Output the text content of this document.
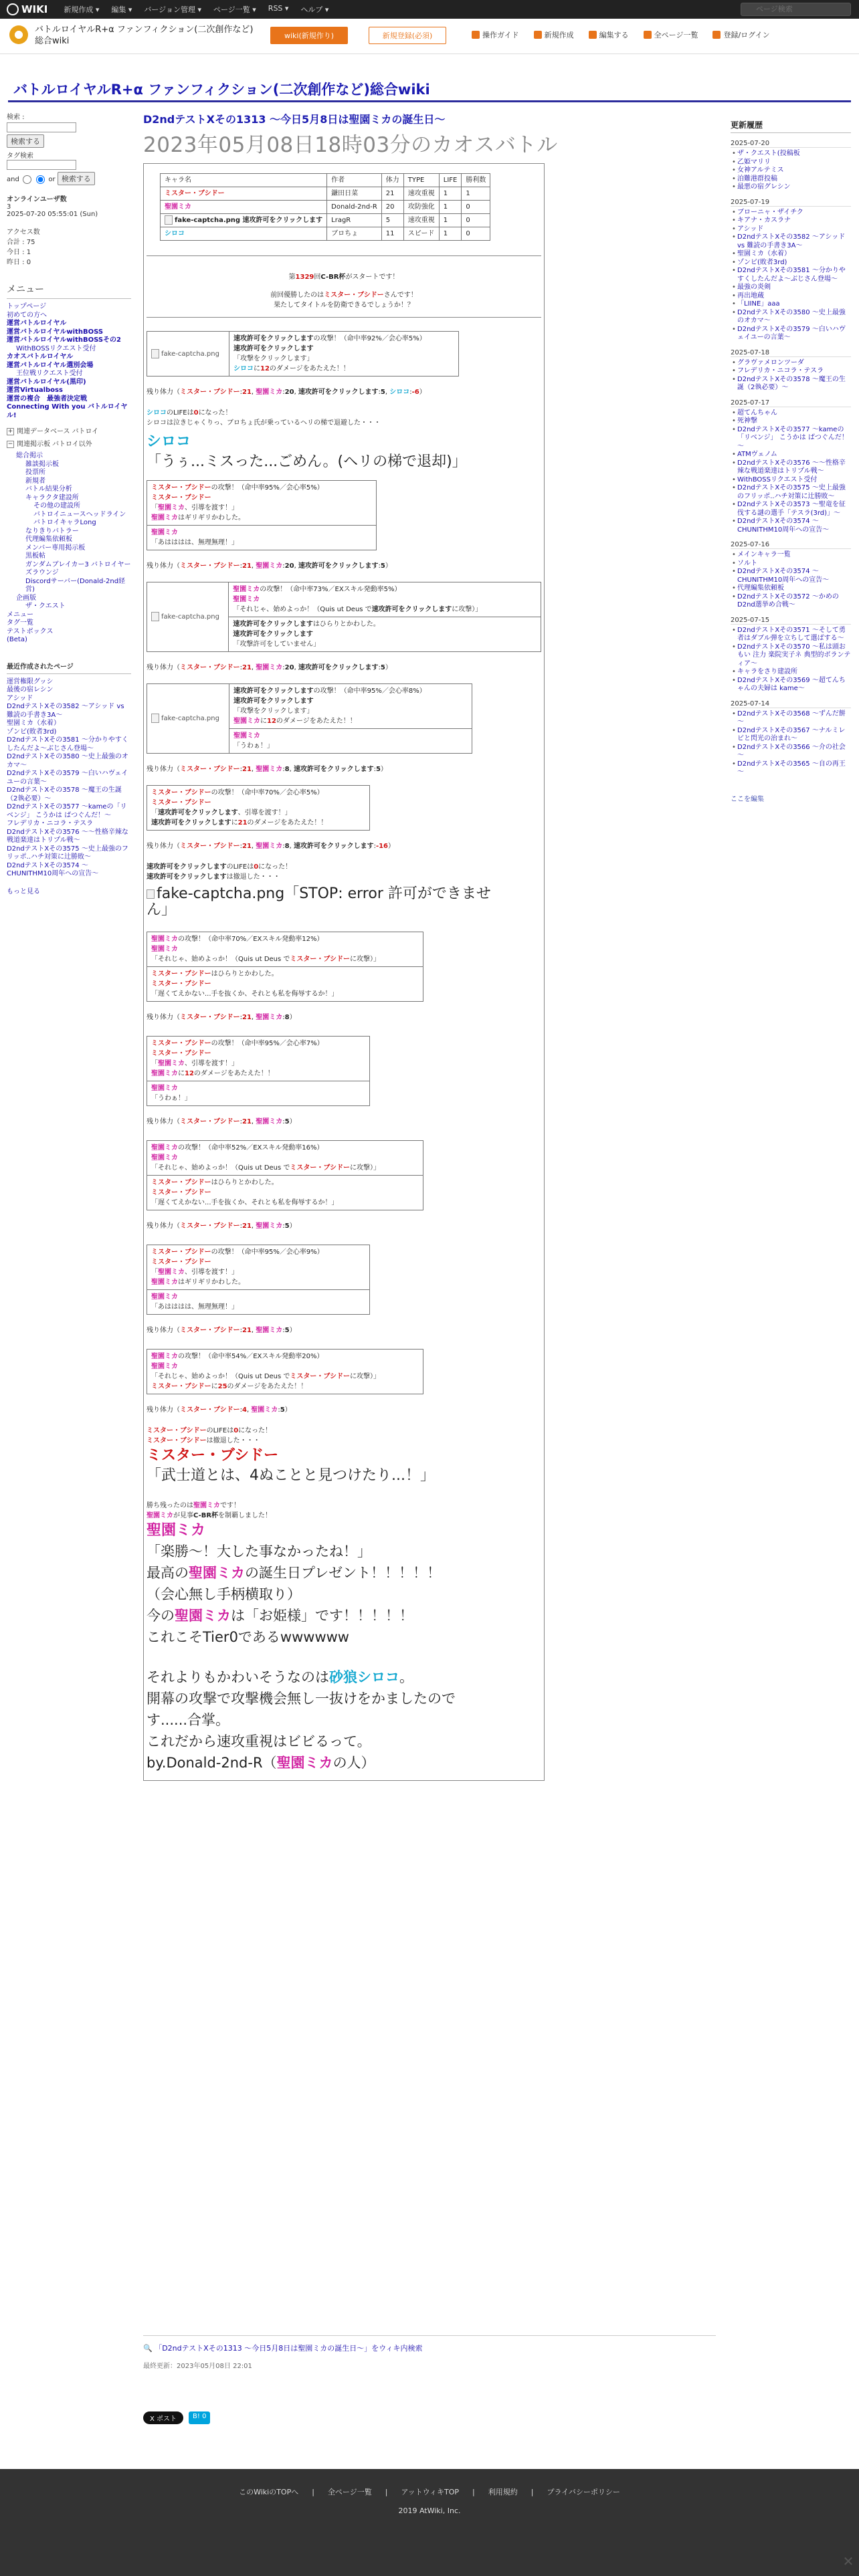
WIKI 新規作成 ▾ 編集 ▾ バージョン管理 ▾ ページ一覧 ▾ RSS ▾ ヘルプ ▾
ページ検索
バトルロイヤルR+α ファンフィクション(二次創作など)総合wiki
wiki(新規作り)	新規登録(必須)	操作ガイド	新規作成	編集する	全ページ一覧	登録/ログイン
バトルロイヤルR+α ファンフィクション(二次創作など)総合wiki
検索 :
検索する
タグ検索
and	or 検索する
オンラインユーザ数
3
2025-07-20 05:55:01 (Sun)
アクセス数
合計 : 75
今日 : 1
昨日 : 0
メニュー
トップページ
初めての方へ
運営バトルロイヤル
運営バトルロイヤルwithBOSS
運営バトルロイヤルwithBOSSその2
WithBOSSリクエスト受付
カオスバトルロイヤル
運営バトルロイヤル選別会場
王位戦リクエスト受付
運営バトルロイヤル(黒印)
運営Virtualboss
運営の複合　最強者決定戦
Connecting With you バトルロイヤル!
+ 関連データベース バトロイ
− 関連掲示板 バトロイ以外
総合掲示
雑談掲示板
投票所
新規者
バトル結果分析
キャラクタ建設所
その他の建設所
バトロイニュースヘッドライン
バトロイキャラLong
なりきりバトラー
代理編集依頼板
メンバー専用掲示板
黒板帖
ガンダムブレイカー3 バトロイヤーズラウンジ
Discordサーバー(Donald-2nd経営)
企画版
ザ・クエスト
メニュー
タグ一覧
テストボックス
(Beta)
最近作成されたページ
運営権限グッシ
最後の宿レシン
アシッド
D2ndテストXその3582 ～アシッド vs 難読の手書き3A～
聖園ミカ（水着）
ゾンビ(敗者3rd)
D2ndテストXその3581 ～分かりやすくしたんだよ～ぶじさん登場～
D2ndテストXその3580 ～史上最強のオカマ～
D2ndテストXその3579 ～白いハヴェイユーの言葉～
D2ndテストXその3578 ～魔王の生誕（2執必要）～
D2ndテストXその3577 ～kameの「リベンジ」 こうかは ばつぐんだ！～
フレデリカ・ニコラ・テスラ
D2ndテストXその3576 ～～性格辛辣な戦道楽達はトリプル戦～
D2ndテストXその3575 ～史上最強のフリッポ..ハチ対策に辻勝敗～
D2ndテストXその3574 ～ CHUNITHM10周年への宣告～
もっと見る
D2ndテストXその1313 ～今日5月8日は聖園ミカの誕生日～
2023年05月08日18時03分のカオスバトル
キャラ名	作者	体力	TYPE	LIFE	勝利数
ミスター・ブシドー	鎌田日菜	21	速攻重視	1	1
聖園ミカ	Donald-2nd-R	20	攻防強化	1	0
fake-captcha.png 速攻許可をクリックします	LragR	5	速攻重視	1	0
シロコ	ブロちょ	11	スピード	1	0
第1329回C-BR杯がスタートです！
前回優勝したのはミスター・ブシドーさんです！
果たしてタイトルを防衛できるでしょうか！？
fake-captcha.png	
速攻許可をクリックしますの攻撃！（命中率92%／会心率5%）
速攻許可をクリックします
「攻撃をクリックします」
シロコに12のダメージをあたえた！！
残り体力（ミスター・ブシドー:21, 聖園ミカ:20, 速攻許可をクリックします:5, シロコ:-6）
シロコのLIFEは0になった！
シロコは泣きじゃくりっ、ブロちょ氏が乗っているヘリの梯で退避した・・・
シロコ
「うぅ...ミスった...ごめん。(ヘリの梯で退却)」
ミスター・ブシドーの攻撃！（命中率95%／会心率5%）
ミスター・ブシドー
「聖園ミカ、引導を渡す！」
聖園ミカはギリギリかわした。

聖園ミカ
「あはははは、無理無理！」
残り体力（ミスター・ブシドー:21, 聖園ミカ:20, 速攻許可をクリックします:5）
fake-captcha.png	
聖園ミカの攻撃！（命中率73%／EXスキル発動率5%）
聖園ミカ
「それじゃ、始めよっか！（Quis ut Deus で速攻許可をクリックしますに攻撃）」

速攻許可をクリックしますはひらりとかわした。
速攻許可をクリックします
「攻撃許可をしていません」
残り体力（ミスター・ブシドー:21, 聖園ミカ:20, 速攻許可をクリックします:5）
fake-captcha.png	
速攻許可をクリックしますの攻撃！（命中率95%／会心率8%）
速攻許可をクリックします
「攻撃をクリックします」
聖園ミカに12のダメージをあたえた！！

聖園ミカ
「うわぁ！」
残り体力（ミスター・ブシドー:21, 聖園ミカ:8, 速攻許可をクリックします:5）
ミスター・ブシドーの攻撃！（命中率70%／会心率5%）
ミスター・ブシドー
「速攻許可をクリックします、引導を渡す！」
速攻許可をクリックしますに21のダメージをあたえた！！
残り体力（ミスター・ブシドー:21, 聖園ミカ:8, 速攻許可をクリックします:-16）
速攻許可をクリックしますのLIFEは0になった！
速攻許可をクリックしますは撤退した・・・
fake-captcha.png「STOP: error 許可ができませ
ん」
聖園ミカの攻撃！（命中率70%／EXスキル発動率12%）
聖園ミカ
「それじゃ、始めよっか！（Quis ut Deus でミスター・ブシドーに攻撃）」

ミスター・ブシドーはひらりとかわした。
ミスター・ブシドー
「遅くてえかない...手を抜くか、それとも私を侮辱するか！」
残り体力（ミスター・ブシドー:21, 聖園ミカ:8）
ミスター・ブシドーの攻撃！（命中率95%／会心率7%）
ミスター・ブシドー
「聖園ミカ、引導を渡す！」
聖園ミカに12のダメージをあたえた！！

聖園ミカ
「うわぁ！」
残り体力（ミスター・ブシドー:21, 聖園ミカ:5）
聖園ミカの攻撃！（命中率52%／EXスキル発動率16%）
聖園ミカ
「それじゃ、始めよっか！（Quis ut Deus でミスター・ブシドーに攻撃）」

ミスター・ブシドーはひらりとかわした。
ミスター・ブシドー
「遅くてえかない...手を抜くか、それとも私を侮辱するか！」
残り体力（ミスター・ブシドー:21, 聖園ミカ:5）
ミスター・ブシドーの攻撃！（命中率95%／会心率9%）
ミスター・ブシドー
「聖園ミカ、引導を渡す！」
聖園ミカはギリギリかわした。

聖園ミカ
「あはははは、無理無理！」
残り体力（ミスター・ブシドー:21, 聖園ミカ:5）
聖園ミカの攻撃！（命中率54%／EXスキル発動率20%）
聖園ミカ
「それじゃ、始めよっか！（Quis ut Deus でミスター・ブシドーに攻撃）」
ミスター・ブシドーに25のダメージをあたえた！！
残り体力（ミスター・ブシドー:4, 聖園ミカ:5）
ミスター・ブシドーのLIFEは0になった！
ミスター・ブシドーは撤退した・・・
ミスター・ブシドー
「武士道とは、4ぬことと見つけたり...！」
勝ち残ったのは聖園ミカです！
聖園ミカが見事C-BR杯を制覇しました！
聖園ミカ
「楽勝～！大した事なかったね！」
最高の聖園ミカの誕生日プレゼント！！！！！
（会心無し手柄横取り）
今の聖園ミカは「お姫様」です！！！！！
これこそTier0であるwwwwww
それよりもかわいそうなのは砂狼シロコ。
開幕の攻撃で攻撃機会無し一抜けをかましたので
す......合掌。
これだから速攻重視はビビるって。
by.Donald-2nd-R（聖園ミカの人）
更新履歴
2025-07-20
• ザ・クエスト(投稿板
• 乙姫マリリ
• 女神アルテミス
• 泊難港群投稿
• 最悪の宿グレシン
2025-07-19
• ブローニャ・ザイチク
• キアナ・カスラナ
• アシッド
• D2ndテストXその3582 ～アシッド vs 難読の手書き3A～
• 聖園ミカ（水着）
• ゾンビ(敗者3rd)
• D2ndテストXその3581 ～分かりやすくしたんだよ～ぶじさん登場～
• 最強の炎剣
• 再出地蔵
• 「LIINE」aaa
• D2ndテストXその3580 ～史上最強のオカマ～
• D2ndテストXその3579 ～白いハヴェイユーの言葉～
2025-07-18
• グラヴァメロンツーダ
• フレデリカ・ニコラ・テスラ
• D2ndテストXその3578 ～魔王の生誕（2執必要）～
2025-07-17
• 超てんちゃん
• 死神撃
• D2ndテストXその3577 ～kameの「リベンジ」 こうかは ばつぐんだ！～
• ATMヴェノム
• D2ndテストXその3576 ～～性格辛辣な戦道楽達はトリプル戦～
• WithBOSSリクエスト受付
• D2ndテストXその3575 ～史上最強のフリッポ..ハチ対策に辻勝敗～
• D2ndテストXその3573 ～聖竜を征伐する謎の選手「テスラ(3rd)」～
• D2ndテストXその3574 ～ CHUNITHM10周年への宣告～
2025-07-16
• メインキャラ一覧
• ソルト
• D2ndテストXその3574 ～ CHUNITHM10周年への宣告～
• 代理編集依頼板
• D2ndテストXその3572 ～かめのD2nd選挙め合戦～
2025-07-15
• D2ndテストXその3571 ～そして勇者はダブル弾を立ちして選ばする～
• D2ndテストXその3570 ～私は頭おもい 注力 楽院実子ネ 典型的ボランティア～
• キャラをさり建設所
• D2ndテストXその3569 ～超てんちゃんの夫婦は kame～
2025-07-14
• D2ndテストXその3568 ～ずんだ餅～
• D2ndテストXその3567 ～ナルミレビと閃光の治まれ～
• D2ndテストXその3566 ～介の社会～
• D2ndテストXその3565 ～自の再王～
ここを編集
🔍 「D2ndテストXその1313 ～今日5月8日は聖園ミカの誕生日～」をウィキ内検索
最終更新：2023年05月08日 22:01
X ポスト	B! 0
このWikiのTOPへ | 全ページ一覧 | アットウィキTOP | 利用規約 | プライバシーポリシー
2019 AtWiki, Inc.
✕
